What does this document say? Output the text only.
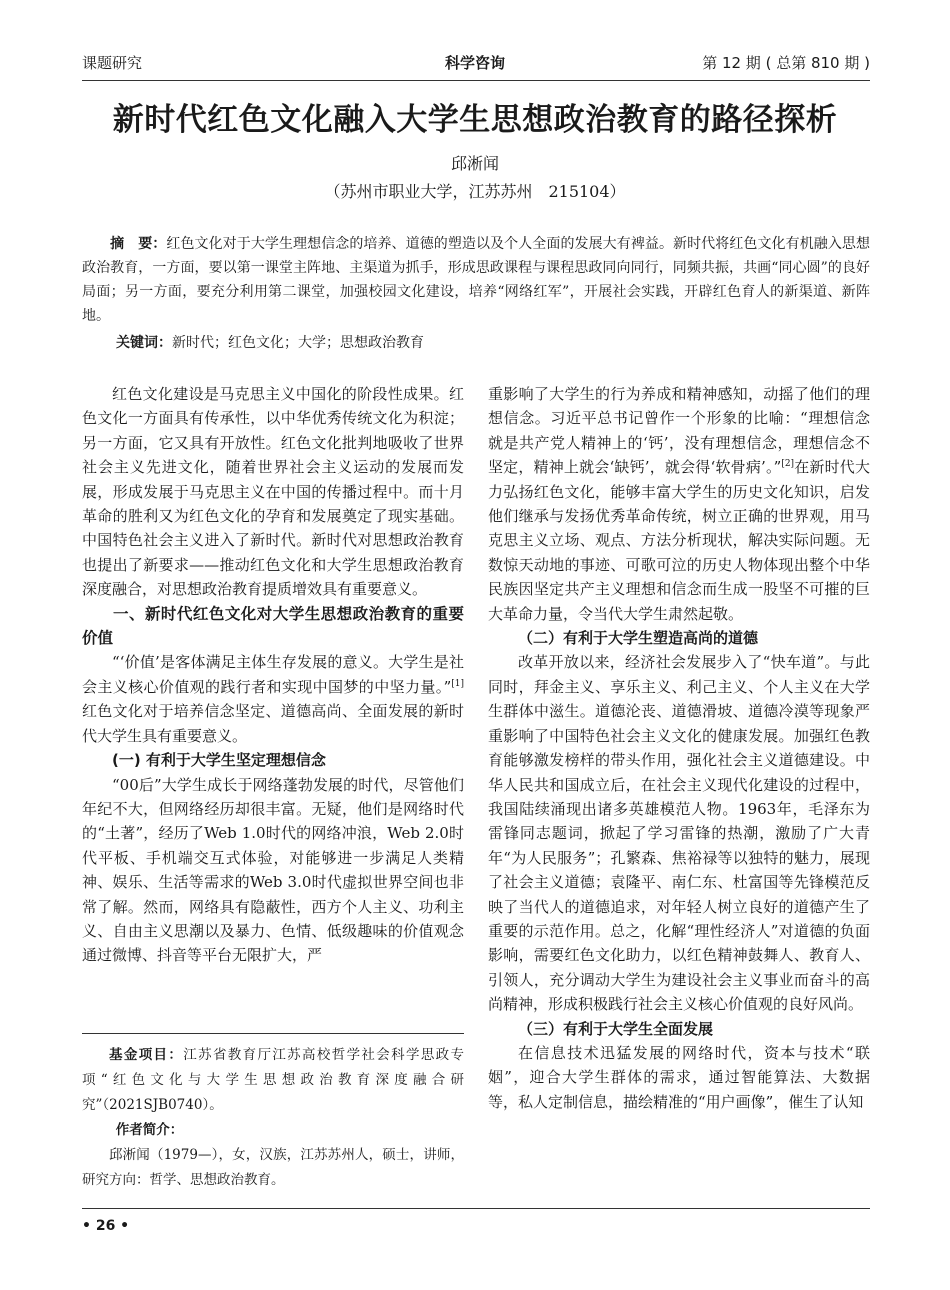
课题研究	科学咨询	第 12 期 ( 总第 810 期 )
新时代红色文化融入大学生思想政治教育的路径探析
邱淅闻
（苏州市职业大学，江苏苏州　215104）
摘　要：红色文化对于大学生理想信念的培养、道德的塑造以及个人全面的发展大有裨益。新时代将红色文化有机融入思想政治教育，一方面，要以第一课堂主阵地、主渠道为抓手，形成思政课程与课程思政同向同行，同频共振，共画“同心圆”的良好局面；另一方面，要充分利用第二课堂，加强校园文化建设，培养“网络红军”，开展社会实践，开辟红色育人的新渠道、新阵地。
关键词：新时代；红色文化；大学；思想政治教育

红色文化建设是马克思主义中国化的阶段性成果。红色文化一方面具有传承性，以中华优秀传统文化为积淀；另一方面，它又具有开放性。红色文化批判地吸收了世界社会主义先进文化，随着世界社会主义运动的发展而发展，形成发展于马克思主义在中国的传播过程中。而十月革命的胜利又为红色文化的孕育和发展奠定了现实基础。中国特色社会主义进入了新时代。新时代对思想政治教育也提出了新要求——推动红色文化和大学生思想政治教育深度融合，对思想政治教育提质增效具有重要意义。

一、新时代红色文化对大学生思想政治教育的重要价值

“‘价值’是客体满足主体生存发展的意义。大学生是社会主义核心价值观的践行者和实现中国梦的中坚力量。”[1]红色文化对于培养信念坚定、道德高尚、全面发展的新时代大学生具有重要意义。

(一) 有利于大学生坚定理想信念

“00后”大学生成长于网络蓬勃发展的时代，尽管他们年纪不大，但网络经历却很丰富。无疑，他们是网络时代的“土著”，经历了Web 1.0时代的网络冲浪，Web 2.0时代平板、手机端交互式体验，对能够进一步满足人类精神、娱乐、生活等需求的Web 3.0时代虚拟世界空间也非常了解。然而，网络具有隐蔽性，西方个人主义、功利主义、自由主义思潮以及暴力、色情、低级趣味的价值观念通过微博、抖音等平台无限扩大，严

基金项目：江苏省教育厅江苏高校哲学社会科学思政专项“红色文化与大学生思想政治教育深度融合研究”（2021SJB0740）。

作者简介：

邱淅闻（1979—），女，汉族，江苏苏州人，硕士，讲师，研究方向：哲学、思想政治教育。

重影响了大学生的行为养成和精神感知，动摇了他们的理想信念。习近平总书记曾作一个形象的比喻：“理想信念就是共产党人精神上的‘钙’，没有理想信念，理想信念不坚定，精神上就会‘缺钙’，就会得‘软骨病’。”[2]在新时代大力弘扬红色文化，能够丰富大学生的历史文化知识，启发他们继承与发扬优秀革命传统，树立正确的世界观，用马克思主义立场、观点、方法分析现状，解决实际问题。无数惊天动地的事迹、可歌可泣的历史人物体现出整个中华民族因坚定共产主义理想和信念而生成一股坚不可摧的巨大革命力量，令当代大学生肃然起敬。

（二）有利于大学生塑造高尚的道德

改革开放以来，经济社会发展步入了“快车道”。与此同时，拜金主义、享乐主义、利己主义、个人主义在大学生群体中滋生。道德沦丧、道德滑坡、道德冷漠等现象严重影响了中国特色社会主义文化的健康发展。加强红色教育能够激发榜样的带头作用，强化社会主义道德建设。中华人民共和国成立后，在社会主义现代化建设的过程中，我国陆续涌现出诸多英雄模范人物。1963年，毛泽东为雷锋同志题词，掀起了学习雷锋的热潮，激励了广大青年“为人民服务”；孔繁森、焦裕禄等以独特的魅力，展现了社会主义道德；袁隆平、南仁东、杜富国等先锋模范反映了当代人的道德追求，对年轻人树立良好的道德产生了重要的示范作用。总之，化解“理性经济人”对道德的负面影响，需要红色文化助力，以红色精神鼓舞人、教育人、引领人，充分调动大学生为建设社会主义事业而奋斗的高尚精神，形成积极践行社会主义核心价值观的良好风尚。

（三）有利于大学生全面发展

在信息技术迅猛发展的网络时代，资本与技术“联姻”，迎合大学生群体的需求，通过智能算法、大数据等，私人定制信息，描绘精准的“用户画像”，催生了认知

• 26 •
